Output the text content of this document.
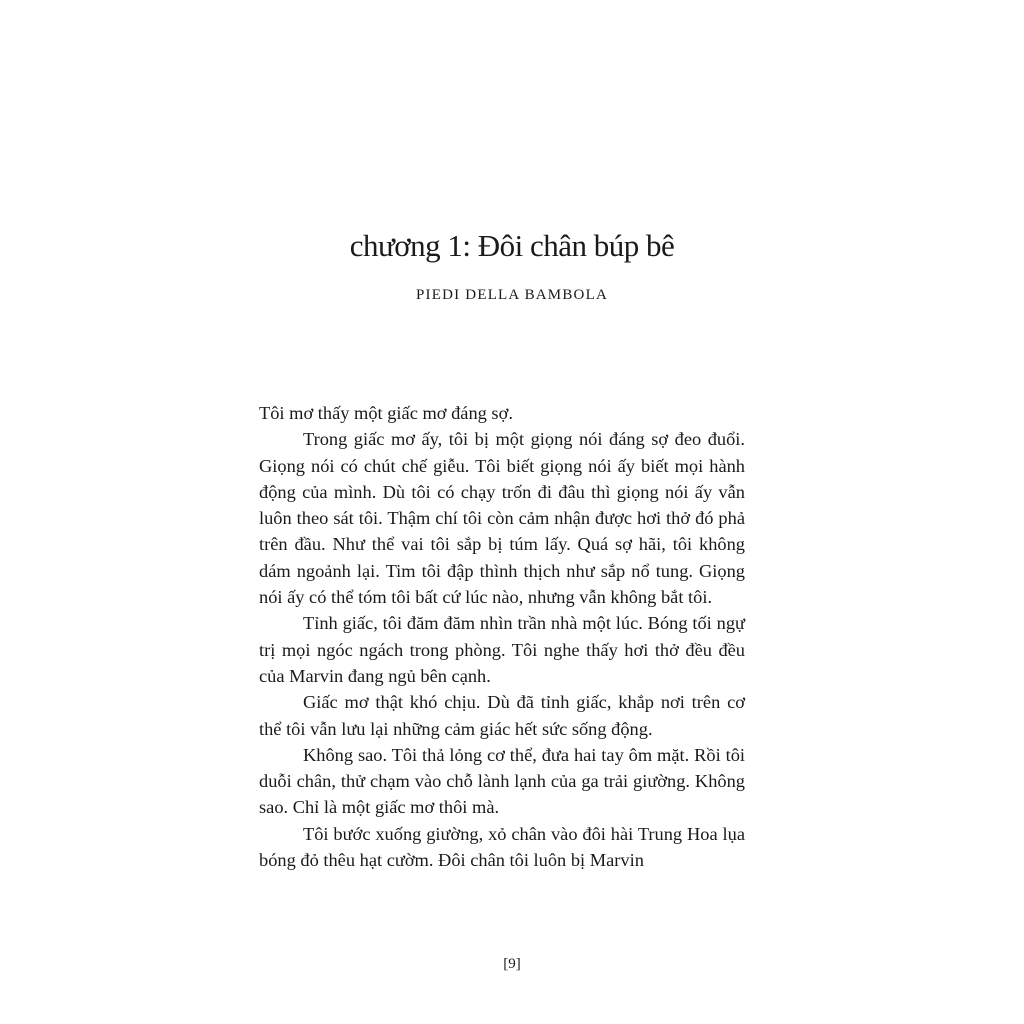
chương 1: Đôi chân búp bê
PIEDI DELLA BAMBOLA

Tôi mơ thấy một giấc mơ đáng sợ.

Trong giấc mơ ấy, tôi bị một giọng nói đáng sợ đeo đuổi. Giọng nói có chút chế giễu. Tôi biết giọng nói ấy biết mọi hành động của mình. Dù tôi có chạy trốn đi đâu thì giọng nói ấy vẫn luôn theo sát tôi. Thậm chí tôi còn cảm nhận được hơi thở đó phả trên đầu. Như thể vai tôi sắp bị túm lấy. Quá sợ hãi, tôi không dám ngoảnh lại. Tim tôi đập thình thịch như sắp nổ tung. Giọng nói ấy có thể tóm tôi bất cứ lúc nào, nhưng vẫn không bắt tôi.

Tỉnh giấc, tôi đăm đăm nhìn trần nhà một lúc. Bóng tối ngự trị mọi ngóc ngách trong phòng. Tôi nghe thấy hơi thở đều đều của Marvin đang ngủ bên cạnh.

Giấc mơ thật khó chịu. Dù đã tỉnh giấc, khắp nơi trên cơ thể tôi vẫn lưu lại những cảm giác hết sức sống động.

Không sao. Tôi thả lỏng cơ thể, đưa hai tay ôm mặt. Rồi tôi duỗi chân, thử chạm vào chỗ lành lạnh của ga trải giường. Không sao. Chỉ là một giấc mơ thôi mà.

Tôi bước xuống giường, xỏ chân vào đôi hài Trung Hoa lụa bóng đỏ thêu hạt cườm. Đôi chân tôi luôn bị Marvin

[9]
